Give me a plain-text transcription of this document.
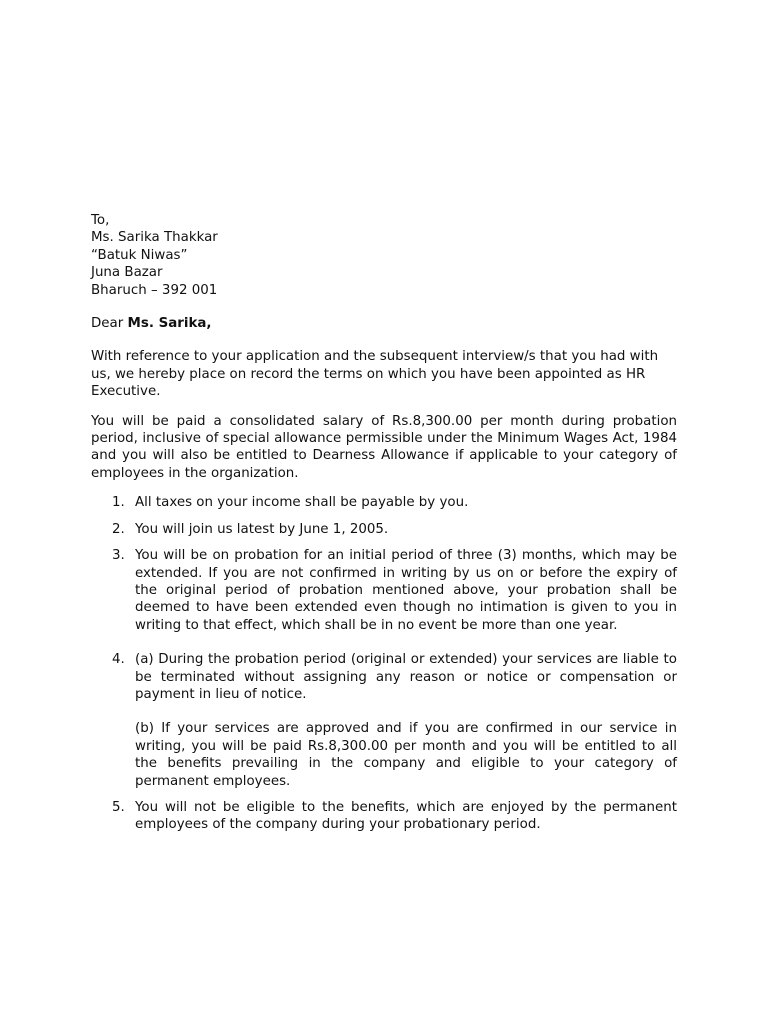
To,
Ms. Sarika Thakkar
“Batuk Niwas”
Juna Bazar
Bharuch – 392 001
Dear Ms. Sarika,

With reference to your application and the subsequent interview/s that you had with us, we hereby place on record the terms on which you have been appointed as HR Executive.

You will be paid a consolidated salary of Rs.8,300.00 per month during probation period, inclusive of special allowance permissible under the Minimum Wages Act, 1984 and you will also be entitled to Dearness Allowance if applicable to your category of employees in the organization.

1. All taxes on your income shall be payable by you.
2. You will join us latest by June 1, 2005.
3. You will be on probation for an initial period of three (3) months, which may be extended. If you are not confirmed in writing by us on or before the expiry of the original period of probation mentioned above, your probation shall be deemed to have been extended even though no intimation is given to you in writing to that effect, which shall be in no event be more than one year.
4. (a) During the probation period (original or extended) your services are liable to be terminated without assigning any reason or notice or compensation or payment in lieu of notice.
(b) If your services are approved and if you are confirmed in our service in writing, you will be paid Rs.8,300.00 per month and you will be entitled to all the benefits prevailing in the company and eligible to your category of permanent employees.
5. You will not be eligible to the benefits, which are enjoyed by the permanent employees of the company during your probationary period.
